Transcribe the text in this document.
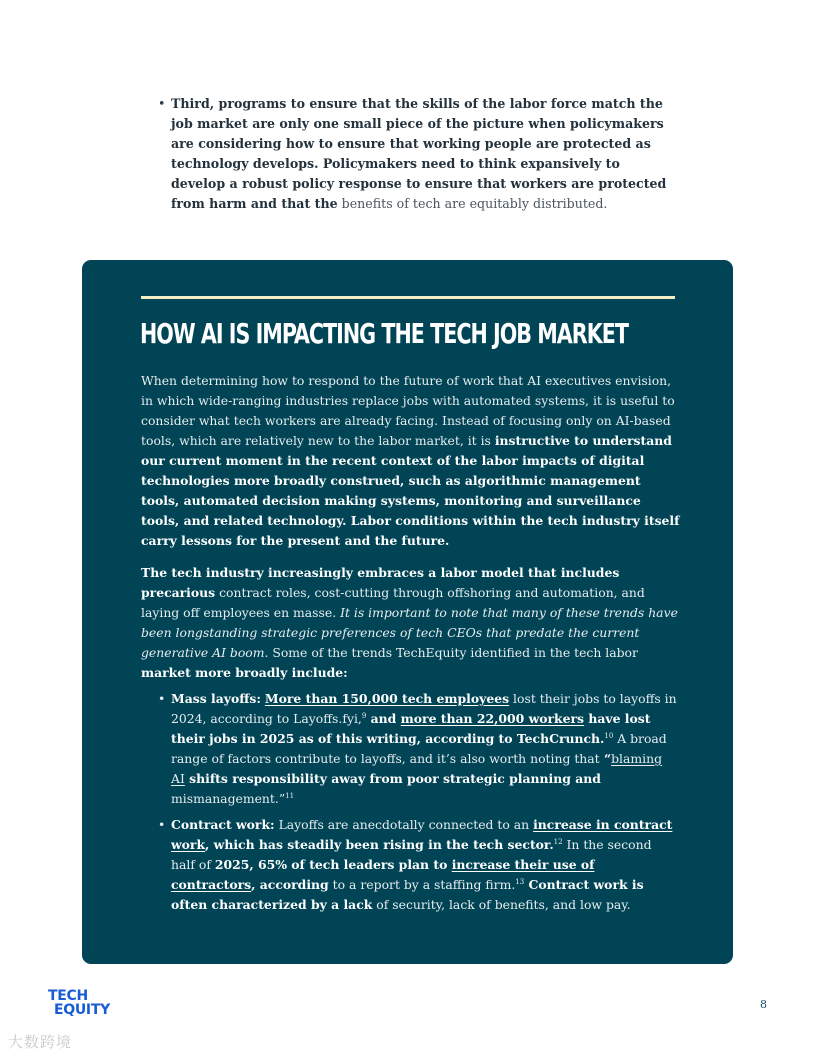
• Third, programs to ensure that the skills of the labor force match the job market are only one small piece of the picture when policymakers are considering how to ensure that working people are protected as technology develops. Policymakers need to think expansively to develop a robust policy response to ensure that workers are protected from harm and that the benefits of tech are equitably distributed.
HOW AI IS IMPACTING THE TECH JOB MARKET

When determining how to respond to the future of work that AI executives envision, in which wide-ranging industries replace jobs with automated systems, it is useful to consider what tech workers are already facing. Instead of focusing only on AI-based tools, which are relatively new to the labor market, it is instructive to understand our current moment in the recent context of the labor impacts of digital technologies more broadly construed, such as algorithmic management tools, automated decision making systems, monitoring and surveillance tools, and related technology. Labor conditions within the tech industry itself carry lessons for the present and the future.

The tech industry increasingly embraces a labor model that includes precarious contract roles, cost-cutting through offshoring and automation, and laying off employees en masse. It is important to note that many of these trends have been longstanding strategic preferences of tech CEOs that predate the current generative AI boom. Some of the trends TechEquity identified in the tech labor market more broadly include:

• Mass layoffs: More than 150,000 tech employees lost their jobs to layoffs in 2024, according to Layoffs.fyi,$^9$ and more than 22,000 workers have lost their jobs in 2025 as of this writing, according to TechCrunch.$^{10}$ A broad range of factors contribute to layoffs, and it’s also worth noting that “blaming AI shifts responsibility away from poor strategic planning and mismanagement.”$^{11}$
• Contract work: Layoffs are anecdotally connected to an increase in contract work, which has steadily been rising in the tech sector.$^{12}$ In the second half of 2025, 65% of tech leaders plan to increase their use of contractors, according to a report by a staffing firm.$^{13}$ Contract work is often characterized by a lack of security, lack of benefits, and low pay.
TECH
EQUITY	8
大数跨境
